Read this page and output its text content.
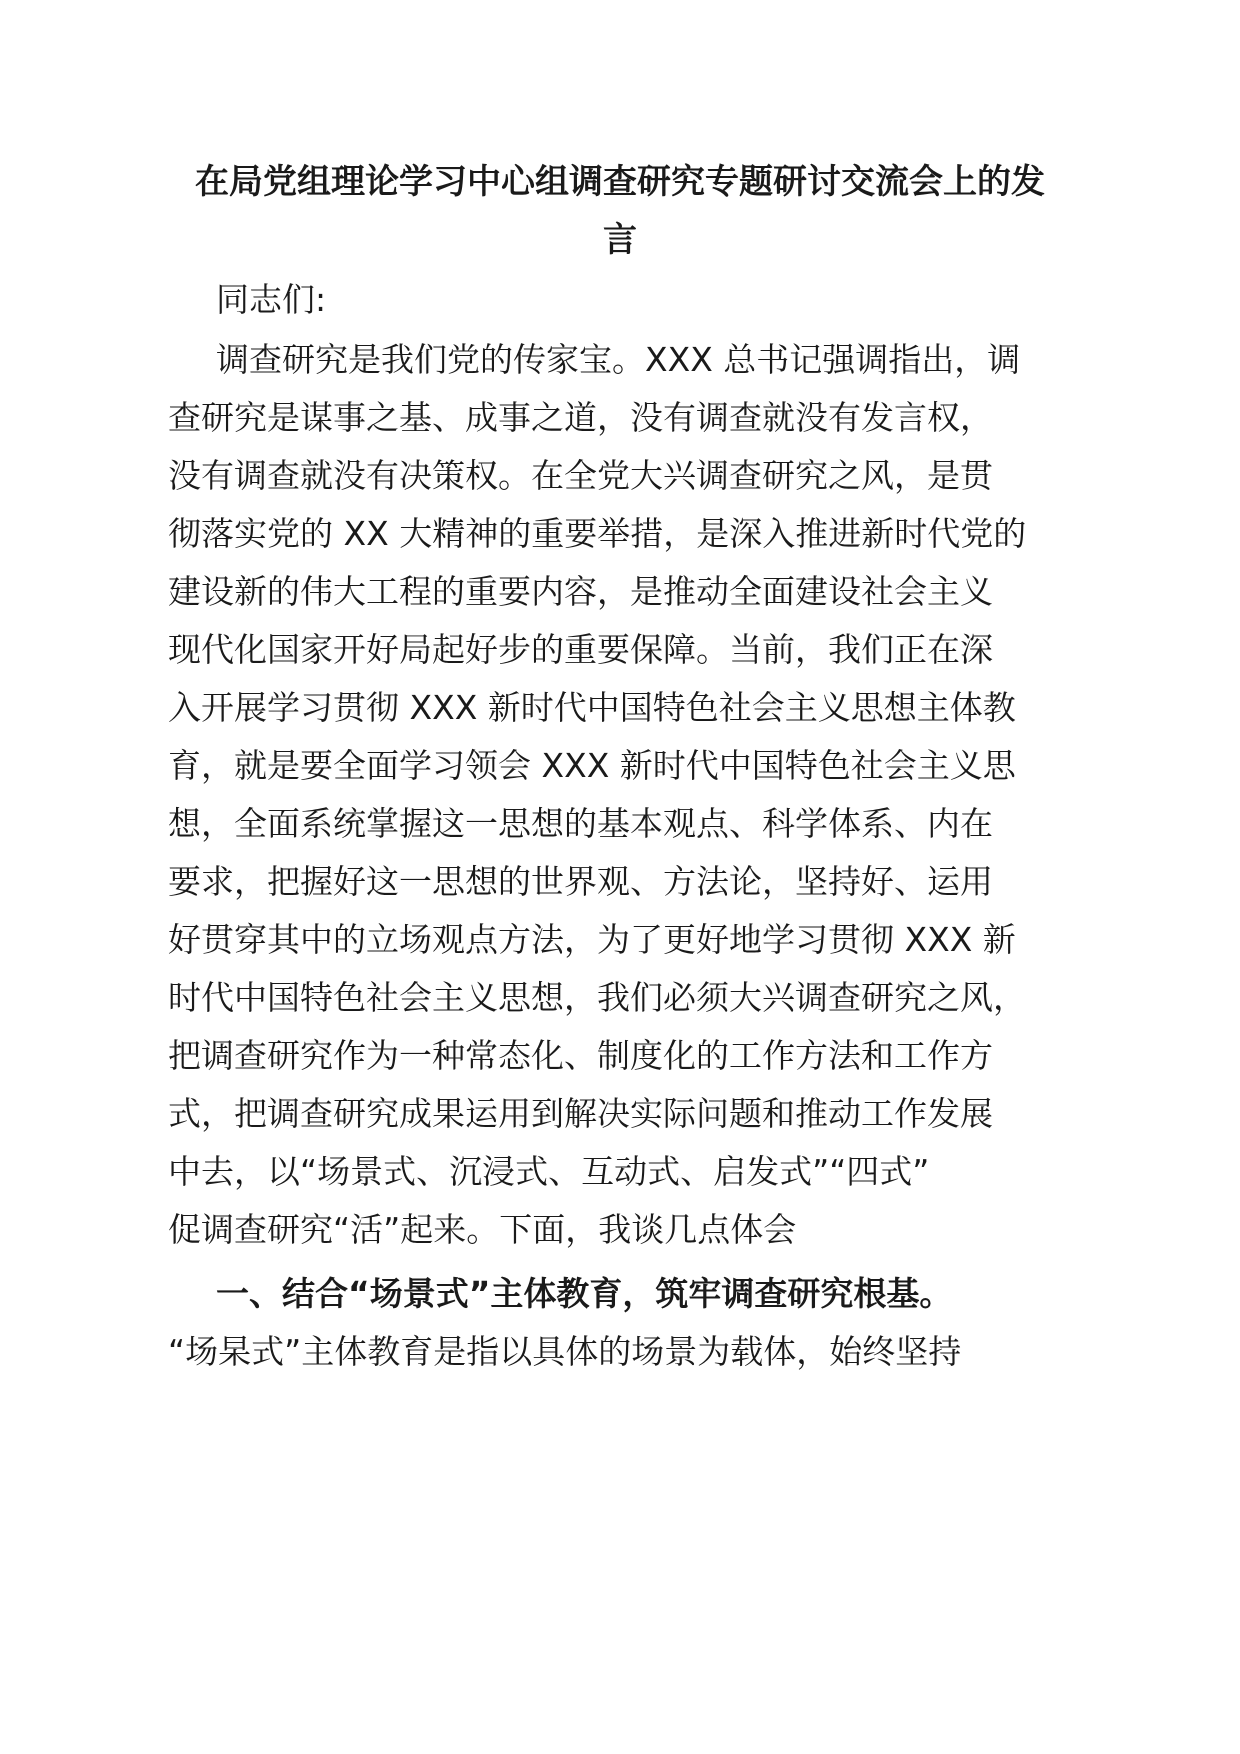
在局党组理论学习中心组调查研究专题研讨交流会上的发
言
同志们:
调查研究是我们党的传家宝。XXX 总书记强调指出，调
查研究是谋事之基、成事之道，没有调查就没有发言权，
没有调查就没有决策权。在全党大兴调查研究之风，是贯
彻落实党的 XX 大精神的重要举措，是深入推进新时代党的
建设新的伟大工程的重要内容，是推动全面建设社会主义
现代化国家开好局起好步的重要保障。当前，我们正在深
入开展学习贯彻 XXX 新时代中国特色社会主义思想主体教
育，就是要全面学习领会 XXX 新时代中国特色社会主义思
想，全面系统掌握这一思想的基本观点、科学体系、内在
要求，把握好这一思想的世界观、方法论，坚持好、运用
好贯穿其中的立场观点方法，为了更好地学习贯彻 XXX 新
时代中国特色社会主义思想，我们必须大兴调查研究之风，
把调查研究作为一种常态化、制度化的工作方法和工作方
式，把调查研究成果运用到解决实际问题和推动工作发展
中去，以“场景式、沉浸式、互动式、启发式”“四式”
促调查研究“活”起来。下面，我谈几点体会
一、结合“场景式”主体教育，筑牢调查研究根基。
“场杲式”主体教育是指以具体的场景为载体，始终坚持
